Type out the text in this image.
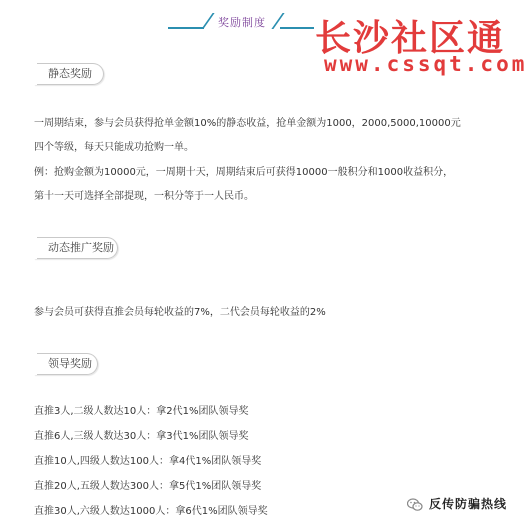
奖励制度 长沙社区通
www.cssqt.com
静态奖励
一周期结束，参与会员获得抢单金额10%的静态收益，抢单金额为1000，2000,5000,10000元
四个等级，每天只能成功抢购一单。
例：抢购金额为10000元，一周期十天，周期结束后可获得10000一般积分和1000收益积分，
第十一天可选择全部提现，一积分等于一人民币。
动态推广奖励
参与会员可获得直推会员每轮收益的7%，二代会员每轮收益的2%
领导奖励
直推3人,二级人数达10人：拿2代1%团队领导奖
直推6人,三级人数达30人：拿3代1%团队领导奖
直推10人,四级人数达100人：拿4代1%团队领导奖
直推20人,五级人数达300人：拿5代1%团队领导奖
直推30人,六级人数达1000人：拿6代1%团队领导奖
反传防骗热线
